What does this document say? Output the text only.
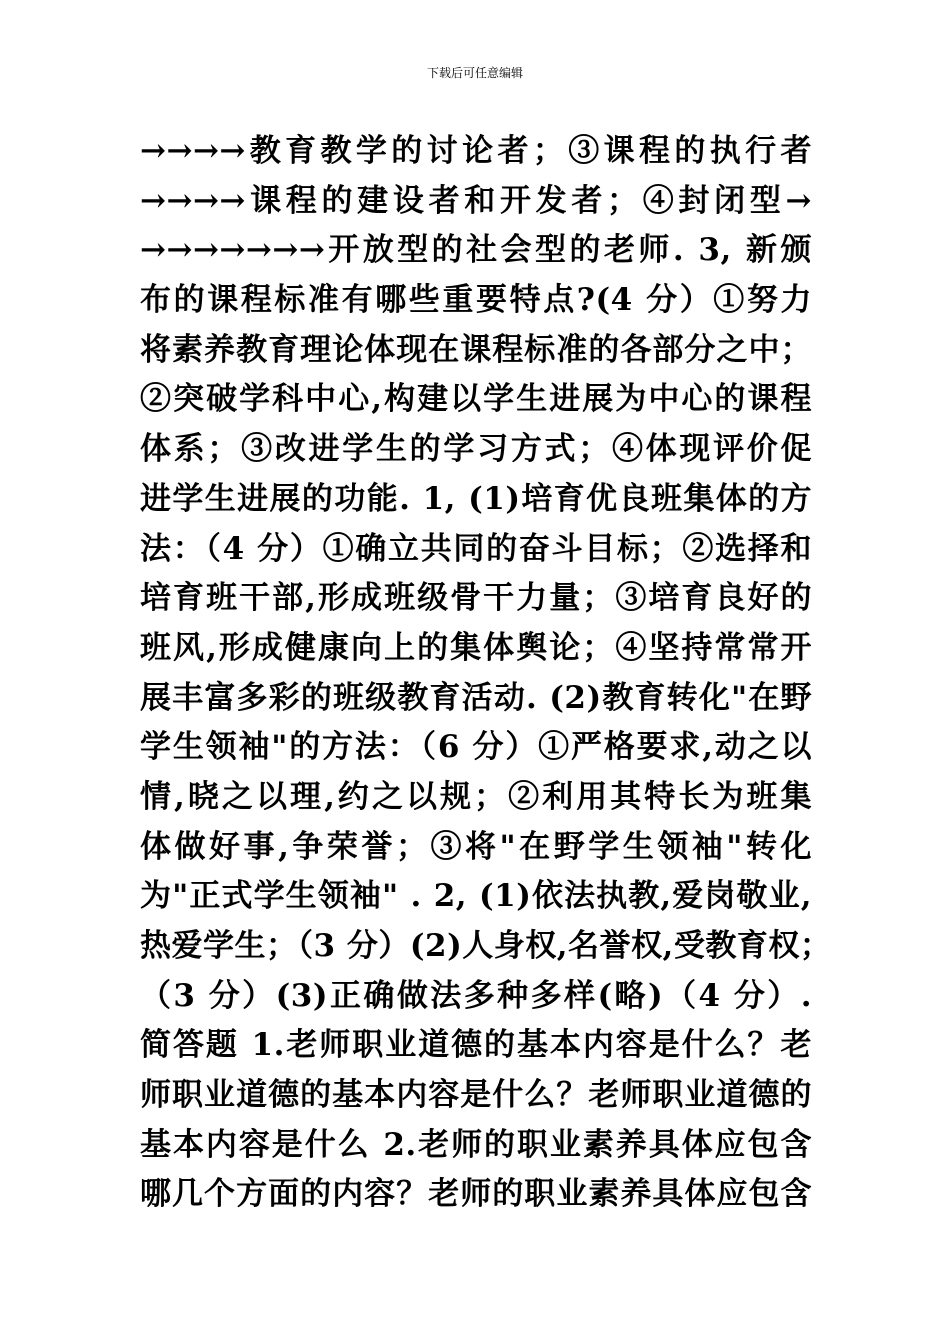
下载后可任意编辑
→→→→教育教学的讨论者；③课程的执行者
→→→→课程的建设者和开发者；④封闭型→
→→→→→→→开放型的社会型的老师. 3, 新颁
布的课程标准有哪些重要特点?(4 分）①努力
将素养教育理论体现在课程标准的各部分之中；
②突破学科中心,构建以学生进展为中心的课程
体系；③改进学生的学习方式；④体现评价促
进学生进展的功能. 1, (1)培育优良班集体的方
法：（4 分）①确立共同的奋斗目标；②选择和
培育班干部,形成班级骨干力量；③培育良好的
班风,形成健康向上的集体舆论；④坚持常常开
展丰富多彩的班级教育活动. (2)教育转化"在野
学生领袖"的方法：（6 分）①严格要求,动之以
情,晓之以理,约之以规；②利用其特长为班集
体做好事,争荣誉；③将"在野学生领袖"转化
为"正式学生领袖" . 2, (1)依法执教,爱岗敬业,
热爱学生；（3 分）(2)人身权,名誉权,受教育权；
（3 分）(3)正确做法多种多样(略)（4 分）.
简答题 1.老师职业道德的基本内容是什么？老
师职业道德的基本内容是什么？老师职业道德的
基本内容是什么 2.老师的职业素养具体应包含
哪几个方面的内容？老师的职业素养具体应包含
